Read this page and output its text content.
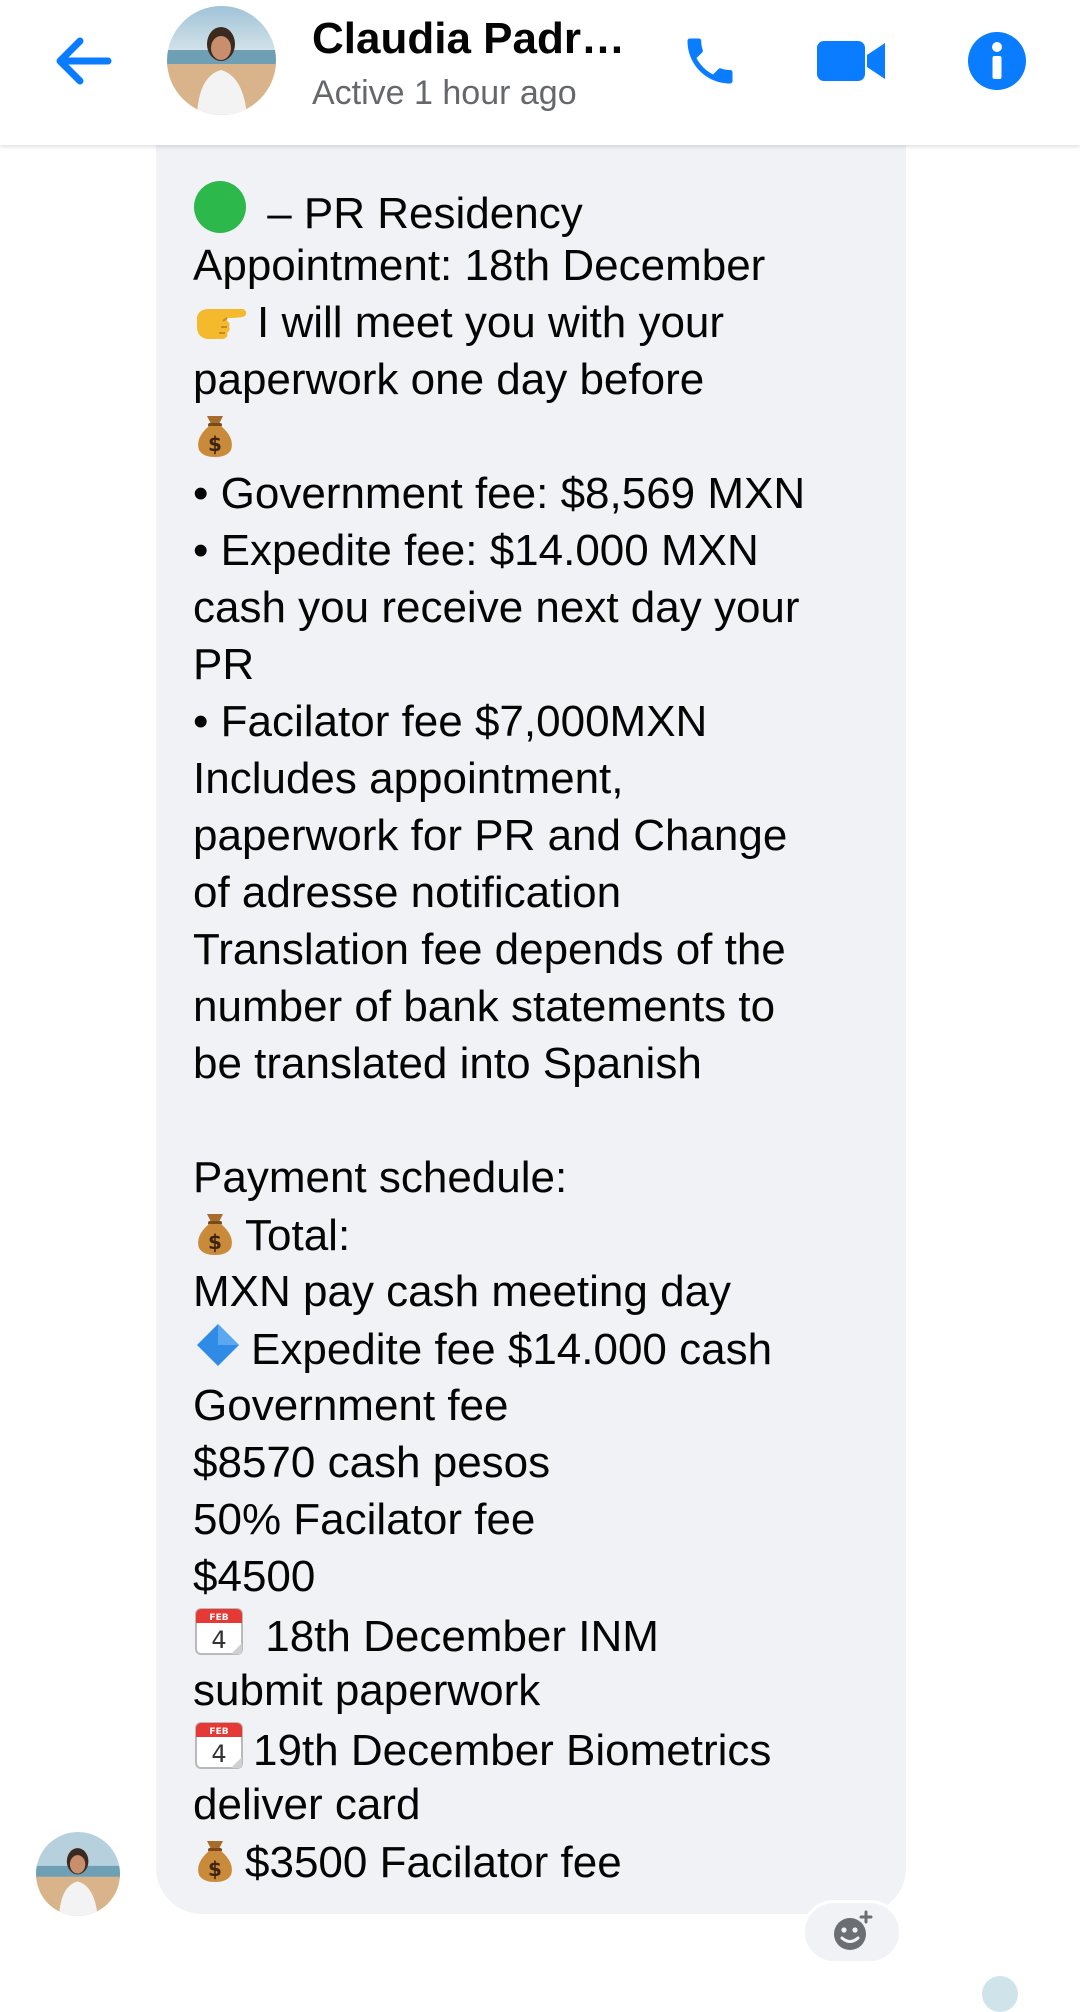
Claudia Padr…
Active 1 hour ago
– PR Residency
Appointment: 18th December
I will meet you with your
paperwork one day before
$
• Government fee: $8,569 MXN
• Expedite fee: $14.000 MXN
cash you receive next day your
PR
• Facilator fee $7,000MXN
Includes appointment,
paperwork for PR and Change
of adresse notification
Translation fee depends of the
number of bank statements to
be translated into Spanish
Payment schedule:
$ Total:
MXN pay cash meeting day
Expedite fee $14.000 cash
Government fee
$8570 cash pesos
50% Facilator fee
$4500
FEB
4 18th December INM
submit paperwork
FEB
4 19th December Biometrics
deliver card
$ $3500 Facilator fee
